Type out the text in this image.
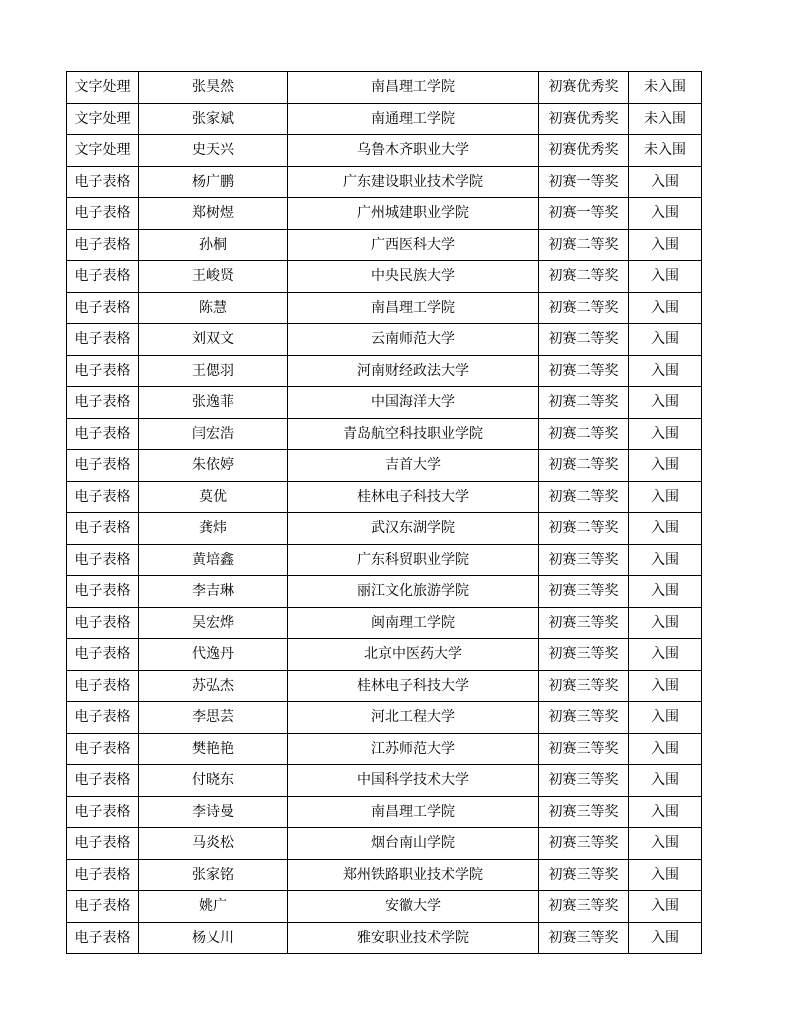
文字处理	张昊然	南昌理工学院	初赛优秀奖	未入围
文字处理	张家斌	南通理工学院	初赛优秀奖	未入围
文字处理	史天兴	乌鲁木齐职业大学	初赛优秀奖	未入围
电子表格	杨广鹏	广东建设职业技术学院	初赛一等奖	入围
电子表格	郑树煜	广州城建职业学院	初赛一等奖	入围
电子表格	孙桐	广西医科大学	初赛二等奖	入围
电子表格	王峻贤	中央民族大学	初赛二等奖	入围
电子表格	陈慧	南昌理工学院	初赛二等奖	入围
电子表格	刘双文	云南师范大学	初赛二等奖	入围
电子表格	王偲羽	河南财经政法大学	初赛二等奖	入围
电子表格	张逸菲	中国海洋大学	初赛二等奖	入围
电子表格	闫宏浩	青岛航空科技职业学院	初赛二等奖	入围
电子表格	朱依婷	吉首大学	初赛二等奖	入围
电子表格	莫优	桂林电子科技大学	初赛二等奖	入围
电子表格	龚炜	武汉东湖学院	初赛二等奖	入围
电子表格	黄培鑫	广东科贸职业学院	初赛三等奖	入围
电子表格	李吉琳	丽江文化旅游学院	初赛三等奖	入围
电子表格	吴宏烨	闽南理工学院	初赛三等奖	入围
电子表格	代逸丹	北京中医药大学	初赛三等奖	入围
电子表格	苏弘杰	桂林电子科技大学	初赛三等奖	入围
电子表格	李思芸	河北工程大学	初赛三等奖	入围
电子表格	樊艳艳	江苏师范大学	初赛三等奖	入围
电子表格	付晓东	中国科学技术大学	初赛三等奖	入围
电子表格	李诗曼	南昌理工学院	初赛三等奖	入围
电子表格	马炎松	烟台南山学院	初赛三等奖	入围
电子表格	张家铭	郑州铁路职业技术学院	初赛三等奖	入围
电子表格	姚广	安徽大学	初赛三等奖	入围
电子表格	杨乂川	雅安职业技术学院	初赛三等奖	入围
